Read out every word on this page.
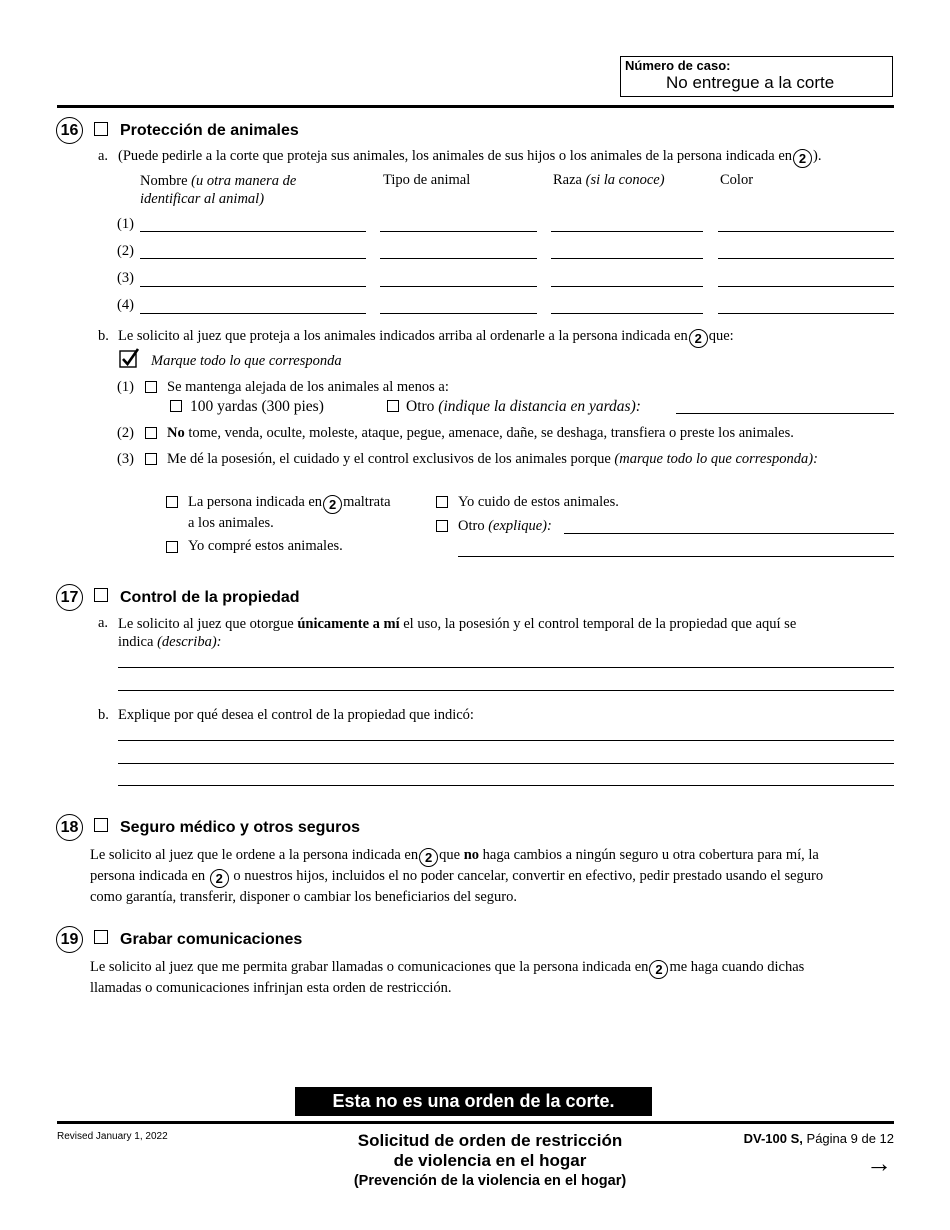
Número de caso:
No entregue a la corte
16	Protección de animales
a. (Puede pedirle a la corte que proteja sus animales, los animales de sus hijos o los animales de la persona indicada en 2 ).
Nombre (u otra manera de
identificar al animal)
Tipo de animal	Raza (si la conoce)	Color
(1)
(2)
(3)
(4)
b. Le solicito al juez que proteja a los animales indicados arriba al ordenarle a la persona indicada en 2 que:
Marque todo lo que corresponda
(1) Se mantenga alejada de los animales al menos a:
100 yardas (300 pies)	Otro (indique la distancia en yardas):
(2) No tome, venda, oculte, moleste, ataque, pegue, amenace, dañe, se deshaga, transfiera o preste los animales.
(3) Me dé la posesión, el cuidado y el control exclusivos de los animales porque (marque todo lo que corresponda):
La persona indicada en 2 maltrata
a los animales.
Yo compré estos animales.
Yo cuido de estos animales.
Otro (explique):
17	Control de la propiedad
a. Le solicito al juez que otorgue únicamente a mí el uso, la posesión y el control temporal de la propiedad que aquí se
indica (describa):
b. Explique por qué desea el control de la propiedad que indicó:
18	Seguro médico y otros seguros
Le solicito al juez que le ordene a la persona indicada en 2 que no haga cambios a ningún seguro u otra cobertura para mí, la
persona indicada en 2 o nuestros hijos, incluidos el no poder cancelar, convertir en efectivo, pedir prestado usando el seguro
como garantía, transferir, disponer o cambiar los beneficiarios del seguro.
19	Grabar comunicaciones
Le solicito al juez que me permita grabar llamadas o comunicaciones que la persona indicada en 2 me haga cuando dichas
llamadas o comunicaciones infrinjan esta orden de restricción.
Esta no es una orden de la corte.
Revised January 1, 2022	Solicitud de orden de restricción
de violencia en el hogar
(Prevención de la violencia en el hogar)
DV-100 S, Página 9 de 12
→
